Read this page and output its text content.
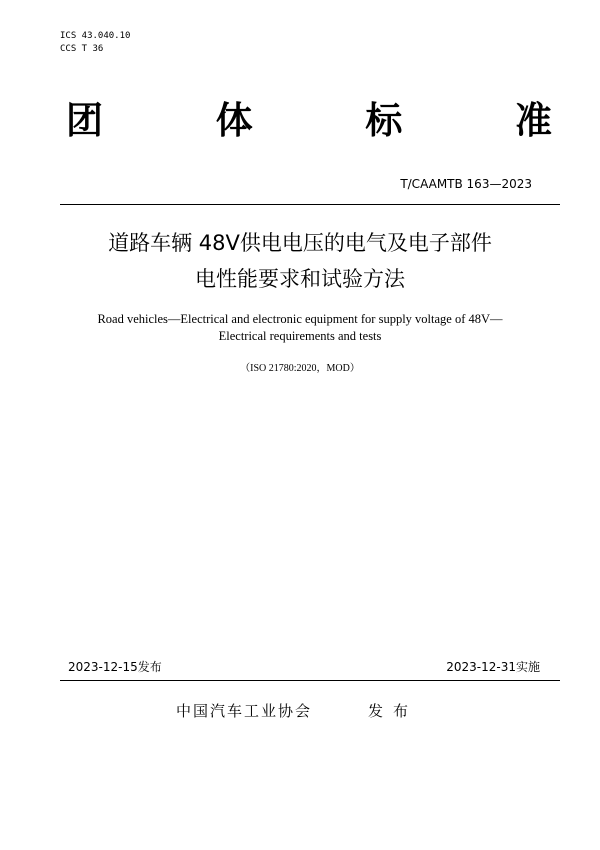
ICS 43.040.10
CCS T 36
团	体	标	准
T/CAAMTB 163—2023
道路车辆 48V供电电压的电气及电子部件
电性能要求和试验方法
Road vehicles—Electrical and electronic equipment for supply voltage of 48V—
Electrical requirements and tests
（ISO 21780:2020，MOD）
2023-12-15发布	2023-12-31实施
中国汽车工业协会	发布
